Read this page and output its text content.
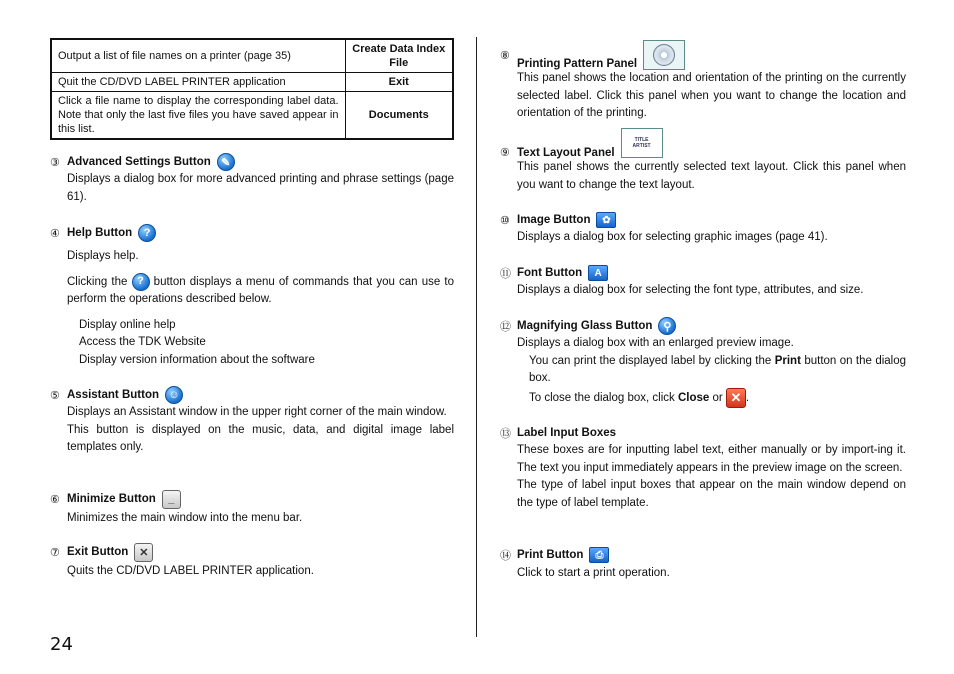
Output a list of file names on a printer (page 35)	Create Data Index File
Quit the CD/DVD LABEL PRINTER application	Exit
Click a file name to display the corresponding label data. Note that only the last five files you have saved appear in this list.	Documents
③ Advanced Settings Button ✎
Displays a dialog box for more advanced printing and phrase settings (page 61).
④ Help Button	?
Displays help.
Clicking the ? button displays a menu of commands that you can use to perform the operations described below.
Display online help
Access the TDK Website
Display version information about the software
⑤ Assistant Button ☺
Displays an Assistant window in the upper right corner of the main window.
This button is displayed on the music, data, and digital image label templates only.
⑥ Minimize Button	_
Minimizes the main window into the menu bar.
⑦ Exit Button ✕
Quits the CD/DVD LABEL PRINTER application.
⑧
Printing Pattern Panel
This panel shows the location and orientation of the printing on the currently selected label. Click this panel when you want to change the location and orientation of the printing.
⑨ Text Layout Panel
TITLE
ARTIST
This panel shows the currently selected text layout. Click this panel when you want to change the text layout.
⑩ Image Button	✿
Displays a dialog box for selecting graphic images (page 41).
⑪ Font Button	A
Displays a dialog box for selecting the font type, attributes, and size.
⑫ Magnifying Glass Button ⚲
Displays a dialog box with an enlarged preview image.
You can print the displayed label by clicking the Print button on the dialog box.
To close the dialog box, click Close or ✕ .
⑬ Label Input Boxes
These boxes are for inputting label text, either manually or by import-ing it. The text you input immediately appears in the preview image on the screen.
The type of label input boxes that appear on the main window depend on the type of label template.
⑭ Print Button	⎙
Click to start a print operation.
24
